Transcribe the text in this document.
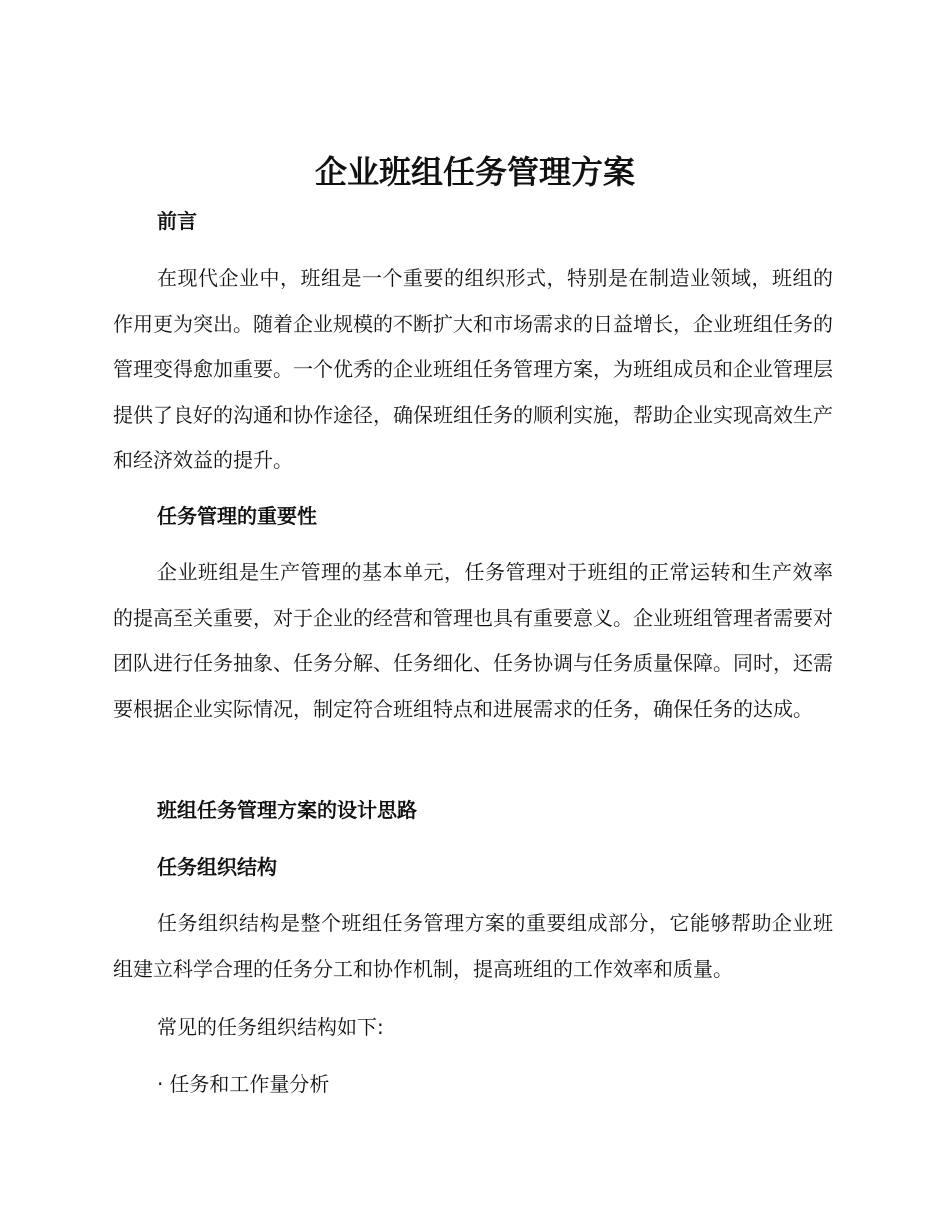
企业班组任务管理方案
前言

在现代企业中，班组是一个重要的组织形式，特别是在制造业领域，班组的作用更为突出。随着企业规模的不断扩大和市场需求的日益增长，企业班组任务的管理变得愈加重要。一个优秀的企业班组任务管理方案，为班组成员和企业管理层提供了良好的沟通和协作途径，确保班组任务的顺利实施，帮助企业实现高效生产和经济效益的提升。

任务管理的重要性

企业班组是生产管理的基本单元，任务管理对于班组的正常运转和生产效率的提高至关重要，对于企业的经营和管理也具有重要意义。企业班组管理者需要对团队进行任务抽象、任务分解、任务细化、任务协调与任务质量保障。同时，还需要根据企业实际情况，制定符合班组特点和进展需求的任务，确保任务的达成。

班组任务管理方案的设计思路
任务组织结构

任务组织结构是整个班组任务管理方案的重要组成部分，它能够帮助企业班组建立科学合理的任务分工和协作机制，提高班组的工作效率和质量。

常见的任务组织结构如下:
· 任务和工作量分析
